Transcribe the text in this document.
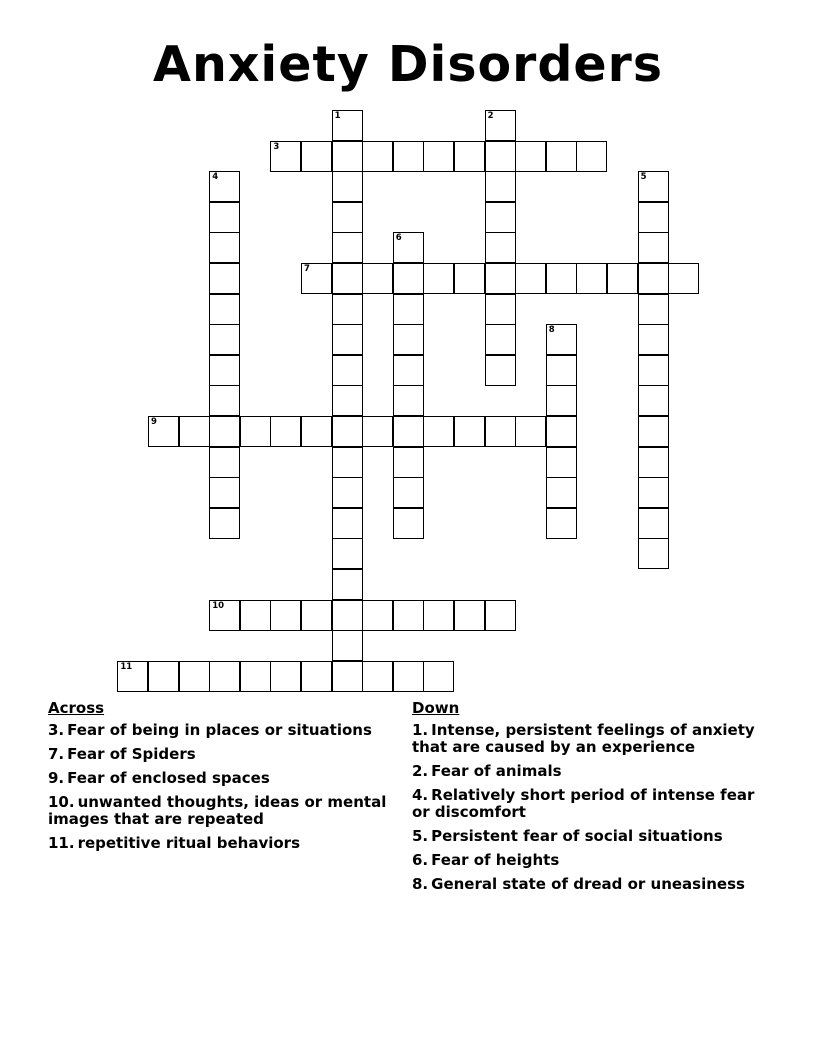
Anxiety Disorders
1	2
3
4	5
6
7
8
9
10
11
Across
3. Fear of being in places or situations
7. Fear of Spiders
9. Fear of enclosed spaces
10. unwanted thoughts, ideas or mental images that are repeated
11. repetitive ritual behaviors
Down
1. Intense, persistent feelings of anxiety that are caused by an experience
2. Fear of animals
4. Relatively short period of intense fear or discomfort
5. Persistent fear of social situations
6. Fear of heights
8. General state of dread or uneasiness
